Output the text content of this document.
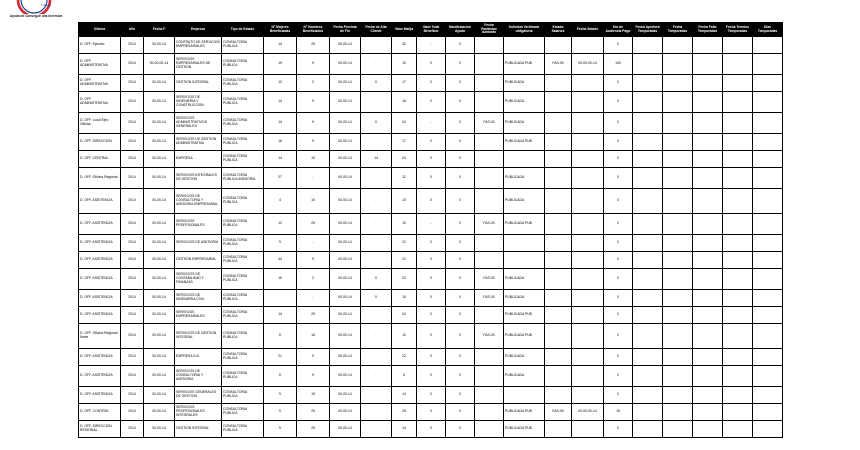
Trabajo
Ayuda de Conseguir una Inversion
Oficina	Año	Fecha F	Empresa	Tipo de Estado	N° Mujeres Beneficiadas	N° Hombres Beneficiados	Fecha Prevista de Fin	Fecha de Alta Cliente	Valor Mañja	Valor Total Beneficio	Manifestación Ayuda	Fecha Recibidas Adelanto	Solicitud Verificada obligatoria	Estado Salarios	Fecha Salario	Día de Audiencia Pago	Fecha Apertura Temporadas	Fecha Temporadas	Fecha Fallo Temporadas	Fecha Termino Temporadas	Días Temporadas
D. OFF. Ejecutiv	2014	00-00-14	CONTRATO DE SERVICIOS EMPRESARIALES	CONSULTORIA PUBLICA	14	25	00-00-14	-	42	-	0					0					
D. OFF. ADMINISTRATIVA	2014	00-00-00-14	SERVICIOS EMPRESARIALES DE GESTION	CONSULTORIA PUBLICA	19	9	00-00-14	-	10	0	0		PUBLICADA PUB	FAS-00	00-00-00-14	100					
D. OFF. ADMINISTRATIVA	2014	00-00-14	GESTION INTEGRAL	CONSULTORIA PUBLICA	10	2	00-00-14	0	17	0	0		PUBLICADA			0					
D. OFF. ADMINISTRATIVA	2014	00-00-14	SERVICIOS DE INGENIERIA Y CONSTRUCCION	CONSULTORIA PUBLICA	14	9	00-00-14	-	16	0	0		PUBLICADA			0					
D. OFF. Local Ejec Oficina	2014	00-00-14	SERVICIOS ADMINISTRATIVOS GENERALES	CONSULTORIA PUBLICA	14	9	00-00-14	0	24	-	0	FAS-00	PUBLICADA			0					
D. OFF. DIRECCION	2014	00-00-14	SERVICIOS DE GESTION ADMINISTRATIVA	CONSULTORIA PUBLICA	16	9	00-00-14	-	17	0	0		PUBLICADA PUB			0					
D. OFF. CENTRAL	2014	00-00-14	EMPRESA	CONSULTORIA PUBLICA	14	19	00-00-14	14	24	0	0					0					
D. OFF. Oficina Regional	2014	00-00-14	SERVICIOS INTEGRALES DE GESTION	CONSULTORIA PUBLICA ASESORIA	27	-	00-00-14	-	12	0	0		PUBLICADA			0					
D. OFF. ASISTENCIA	2014	00-00-14	SERVICIOS DE CONSULTORIA Y ASESORIA EMPRESARIAL	CONSULTORIA PUBLICA	4	10	00-00-14	-	10	0	0		PUBLICADA			0					
D. OFF. ASISTENCIA	2014	00-00-14	SERVICIOS PROFESIONALES	CONSULTORIA PUBLICA	12	25	00-00-14	-	10	-	0	FAS-00	PUBLICADA PUB			0					
D. OFF. ASISTENCIA	2014	00-00-14	SERVICIOS DE ASESORIA	CONSULTORIA PUBLICA	9	-	00-00-14	-	21	0	0					0					
D. OFF. ASISTENCIA	2014	00-00-14	GESTION EMPRESARIAL	CONSULTORIA PUBLICA	44	9	00-00-14	-	21	0	0					0					
D. OFF. ASISTENCIA	2014	00-00-14	SERVICIOS DE CONTABILIDAD Y FINANZAS	CONSULTORIA PUBLICA	15	2	00-00-14	0	22	0	0	FAS-00	PUBLICADA			0					
D. OFF. ASISTENCIA	2014	00-00-14	SERVICIOS DE INGENIERIA CIVIL	CONSULTORIA PUBLICA	-	-	00-00-14	0	10	0	0	FAS-00	PUBLICADA			0					
D. OFF. ASISTENCIA	2014	00-00-14	SERVICIOS EMPRESARIALES	CONSULTORIA PUBLICA	14	25	00-00-14	-	24	0	0		PUBLICADA PUB			0					
D. OFF. Oficina Regional Norte	2014	00-00-14	SERVICIOS DE GESTION INTEGRAL	CONSULTORIA PUBLICA	6	16	00-00-14	-	12	0	0	FAS-00	PUBLICADA PUB			0					
D. OFF. ASISTENCIA	2014	00-00-14	EMPRESA S.A.	CONSULTORIA PUBLICA	21	9	00-00-14	-	22	0	0		PUBLICADA			0					
D. OFF. ASISTENCIA	2014	00-00-14	SERVICIOS DE CONSULTORIA Y ASESORIA	CONSULTORIA PUBLICA	6	9	00-00-14	-	6	0	0		PUBLICADA			0					
D. OFF. ASISTENCIA	2014	00-00-14	SERVICIOS GENERALES DE GESTION	CONSULTORIA PUBLICA	9	15	00-00-14	-	14	0	0					0					
D. OFF. CONTROL	2014	00-00-14	SERVICIOS PROFESIONALES INTEGRALES	CONSULTORIA PUBLICA	9	25	00-00-14	-	25	0	0		PUBLICADA PUB	FAS-00	00-00-00-14	15					
D. OFF. DIRECCION REGIONAL	2014	00-00-14	GESTION INTEGRAL	CONSULTORIA PUBLICA	9	25	00-00-14	-	14	0	0		PUBLICADA PUB			0					
